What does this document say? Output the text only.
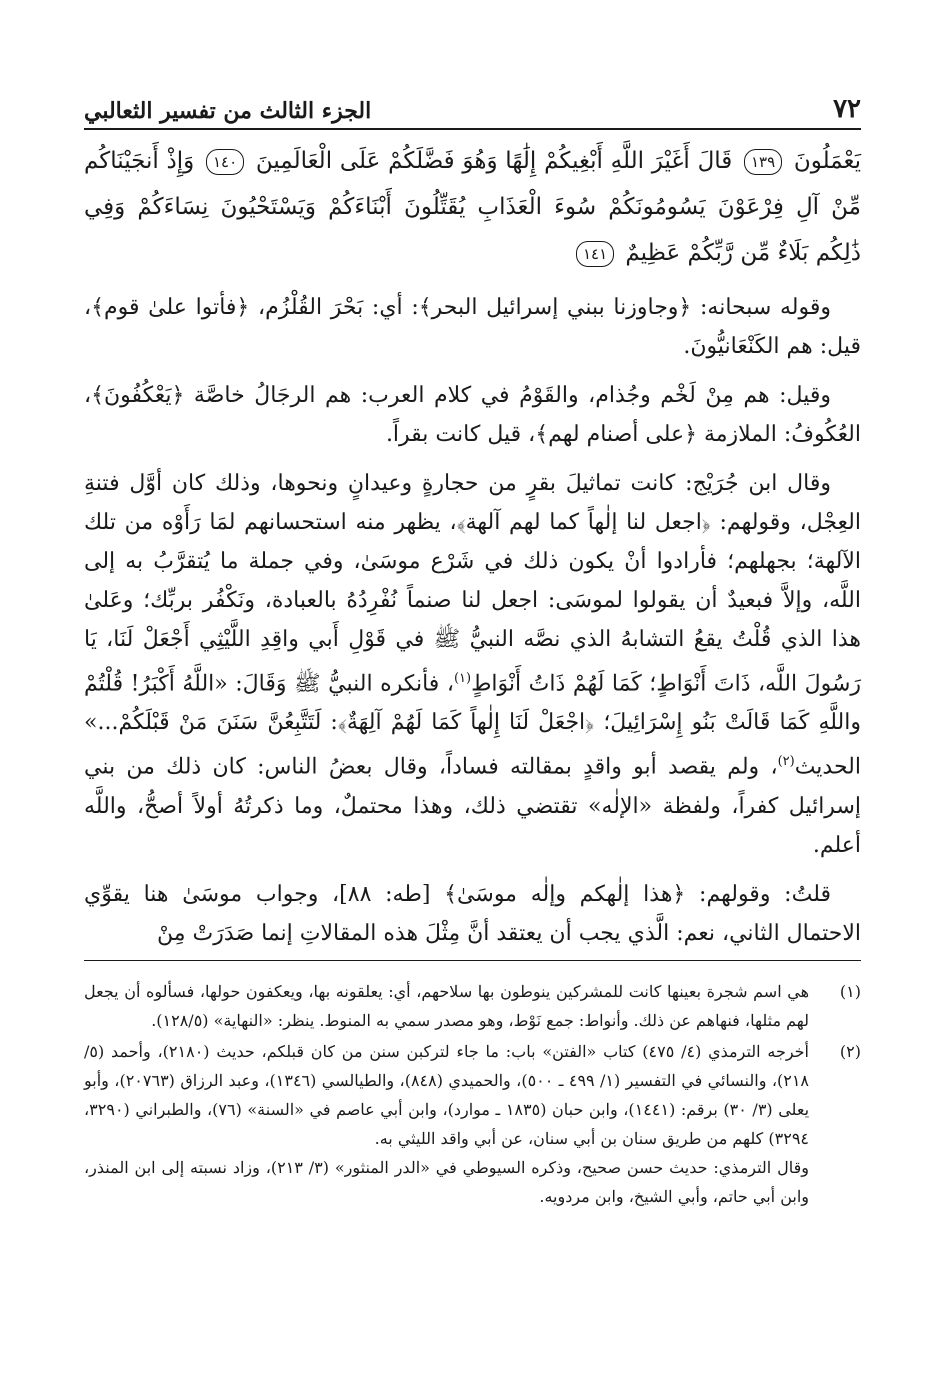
٧٢
الجزء الثالث من تفسير الثعالبي

يَعْمَلُونَ ١٣٩ قَالَ أَغَيْرَ اللَّهِ أَبْغِيكُمْ إِلَٰهًا وَهُوَ فَضَّلَكُمْ عَلَى الْعَالَمِينَ ١٤٠ وَإِذْ أَنجَيْنَاكُم مِّنْ آلِ فِرْعَوْنَ يَسُومُونَكُمْ سُوءَ الْعَذَابِ يُقَتِّلُونَ أَبْنَاءَكُمْ وَيَسْتَحْيُونَ نِسَاءَكُمْ وَفِي ذَٰلِكُم بَلَاءٌ مِّن رَّبِّكُمْ عَظِيمٌ ١٤١

وقوله سبحانه: ﴿وجاوزنا ببني إسرائيل البحر﴾: أي: بَحْرَ القُلْزُم، ﴿فأتوا علىٰ قوم﴾، قيل: هم الكَنْعَانيُّونَ.

وقيل: هم مِنْ لَخْم وجُذام، والقَوْمُ في كلام العرب: هم الرجَالُ خاصَّة ﴿يَعْكُفُونَ﴾، العُكُوفُ: الملازمة ﴿على أصنام لهم﴾، قيل كانت بقراً.

وقال ابن جُرَيْج: كانت تماثيلَ بقرٍ من حجارةٍ وعيدانٍ ونحوها، وذلك كان أوَّل فتنةِ العِجْل، وقولهم: ﴿اجعل لنا إلٰهاً كما لهم آلهة﴾، يظهر منه استحسانهم لمَا رَأَوْه من تلك الآلهة؛ بجهلهم؛ فأرادوا أنْ يكون ذلك في شَرْع موسَىٰ، وفي جملة ما يُتقرَّبُ به إلى اللَّه، وإلاَّ فبعيدٌ أن يقولوا لموسَى: اجعل لنا صنماً نُفْرِدُهُ بالعبادة، ونَكْفُر بربِّك؛ وعَلىٰ هذا الذي قُلْتُ يقعُ التشابهُ الذي نصَّه النبيُّ ﷺ في قَوْلِ أَبي واقِدِ اللَّيْثِي أَجْعَلْ لَنَا، يَا رَسُولَ اللَّه، ذَاتَ أَنْوَاطٍ؛ كَمَا لَهُمْ ذَاتُ أَنْوَاطٍ$^{(١)}$، فأنكره النبيُّ ﷺ وَقَالَ: «اللَّهُ أَكْبَرُ! قُلْتُمْ واللَّهِ كَمَا قَالَتْ بَنُو إِسْرَائِيلَ؛ ﴿اجْعَلْ لَنَا إِلٰهاً كَمَا لَهُمْ آلِهَةٌ﴾: لَتَتَّبِعُنَّ سَنَنَ مَنْ قَبْلَكُمْ...» الحديث$^{(٢)}$، ولم يقصد أبو واقدٍ بمقالته فساداً، وقال بعضُ الناس: كان ذلك من بني إسرائيل كفراً، ولفظة «الإلٰه» تقتضي ذلك، وهذا محتملٌ، وما ذكرتُهُ أولاً أصحُّ، واللَّه أعلم.

قلتُ: وقولهم: ﴿هذا إلٰهكم وإلٰه موسَىٰ﴾ [طه: ٨٨]، وجواب موسَىٰ هنا يقوِّي الاحتمال الثاني، نعم: الَّذي يجب أن يعتقد أنَّ مِثْلَ هذه المقالاتِ إنما صَدَرَتْ مِنْ

(١)
هي اسم شجرة بعينها كانت للمشركين ينوطون بها سلاحهم، أي: يعلقونه بها، ويعكفون حولها، فسألوه أن يجعل لهم مثلها، فنهاهم عن ذلك. وأنواط: جمع نَوْط، وهو مصدر سمي به المنوط. ينظر: «النهاية» (١٢٨/٥).
(٢)
أخرجه الترمذي (٤/ ٤٧٥) كتاب «الفتن» باب: ما جاء لتركبن سنن من كان قبلكم، حديث (٢١٨٠)، وأحمد (٥/ ٢١٨)، والنسائي في التفسير (١/ ٤٩٩ ـ ٥٠٠)، والحميدي (٨٤٨)، والطيالسي (١٣٤٦)، وعبد الرزاق (٢٠٧٦٣)، وأبو يعلى (٣/ ٣٠) برقم: (١٤٤١)، وابن حبان (١٨٣٥ ـ موارد)، وابن أبي عاصم في «السنة» (٧٦)، والطبراني (٣٢٩٠، ٣٢٩٤) كلهم من طريق سنان بن أبي سنان، عن أبي واقد الليثي به.
وقال الترمذي: حديث حسن صحيح، وذكره السيوطي في «الدر المنثور» (٣/ ٢١٣)، وزاد نسبته إلى ابن المنذر، وابن أبي حاتم، وأبي الشيخ، وابن مردويه.
